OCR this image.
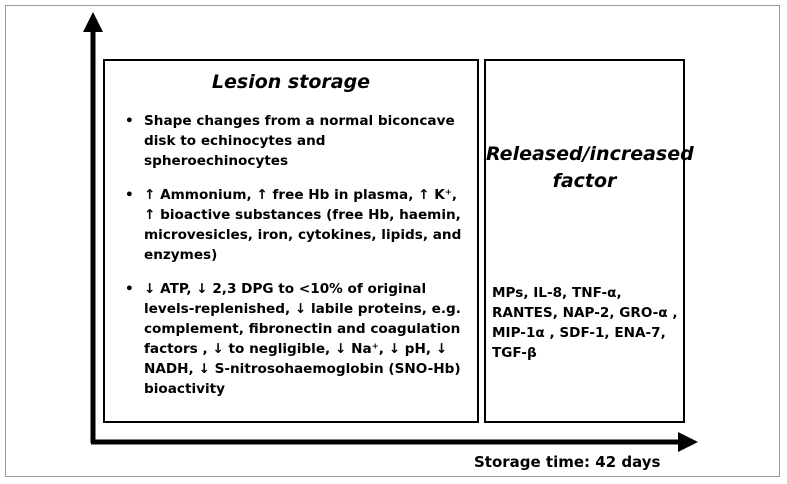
Lesion storage
• Shape changes from a normal biconcave disk to echinocytes and spheroechinocytes
• ↑ Ammonium, ↑ free Hb in plasma, ↑ K⁺, ↑ bioactive substances (free Hb, haemin, microvesicles, iron, cytokines, lipids, and enzymes)
• ↓ ATP, ↓ 2,3 DPG to <10% of original levels-replenished, ↓ labile proteins, e.g. complement, fibronectin and coagulation factors , ↓ to negligible, ↓ Na⁺, ↓ pH, ↓ NADH, ↓ S-nitrosohaemoglobin (SNO-Hb) bioactivity
Released/increased factor
MPs, IL-8, TNF-α, RANTES, NAP-2, GRO-α , MIP-1α , SDF-1, ENA-7, TGF-β
Storage time: 42 days
